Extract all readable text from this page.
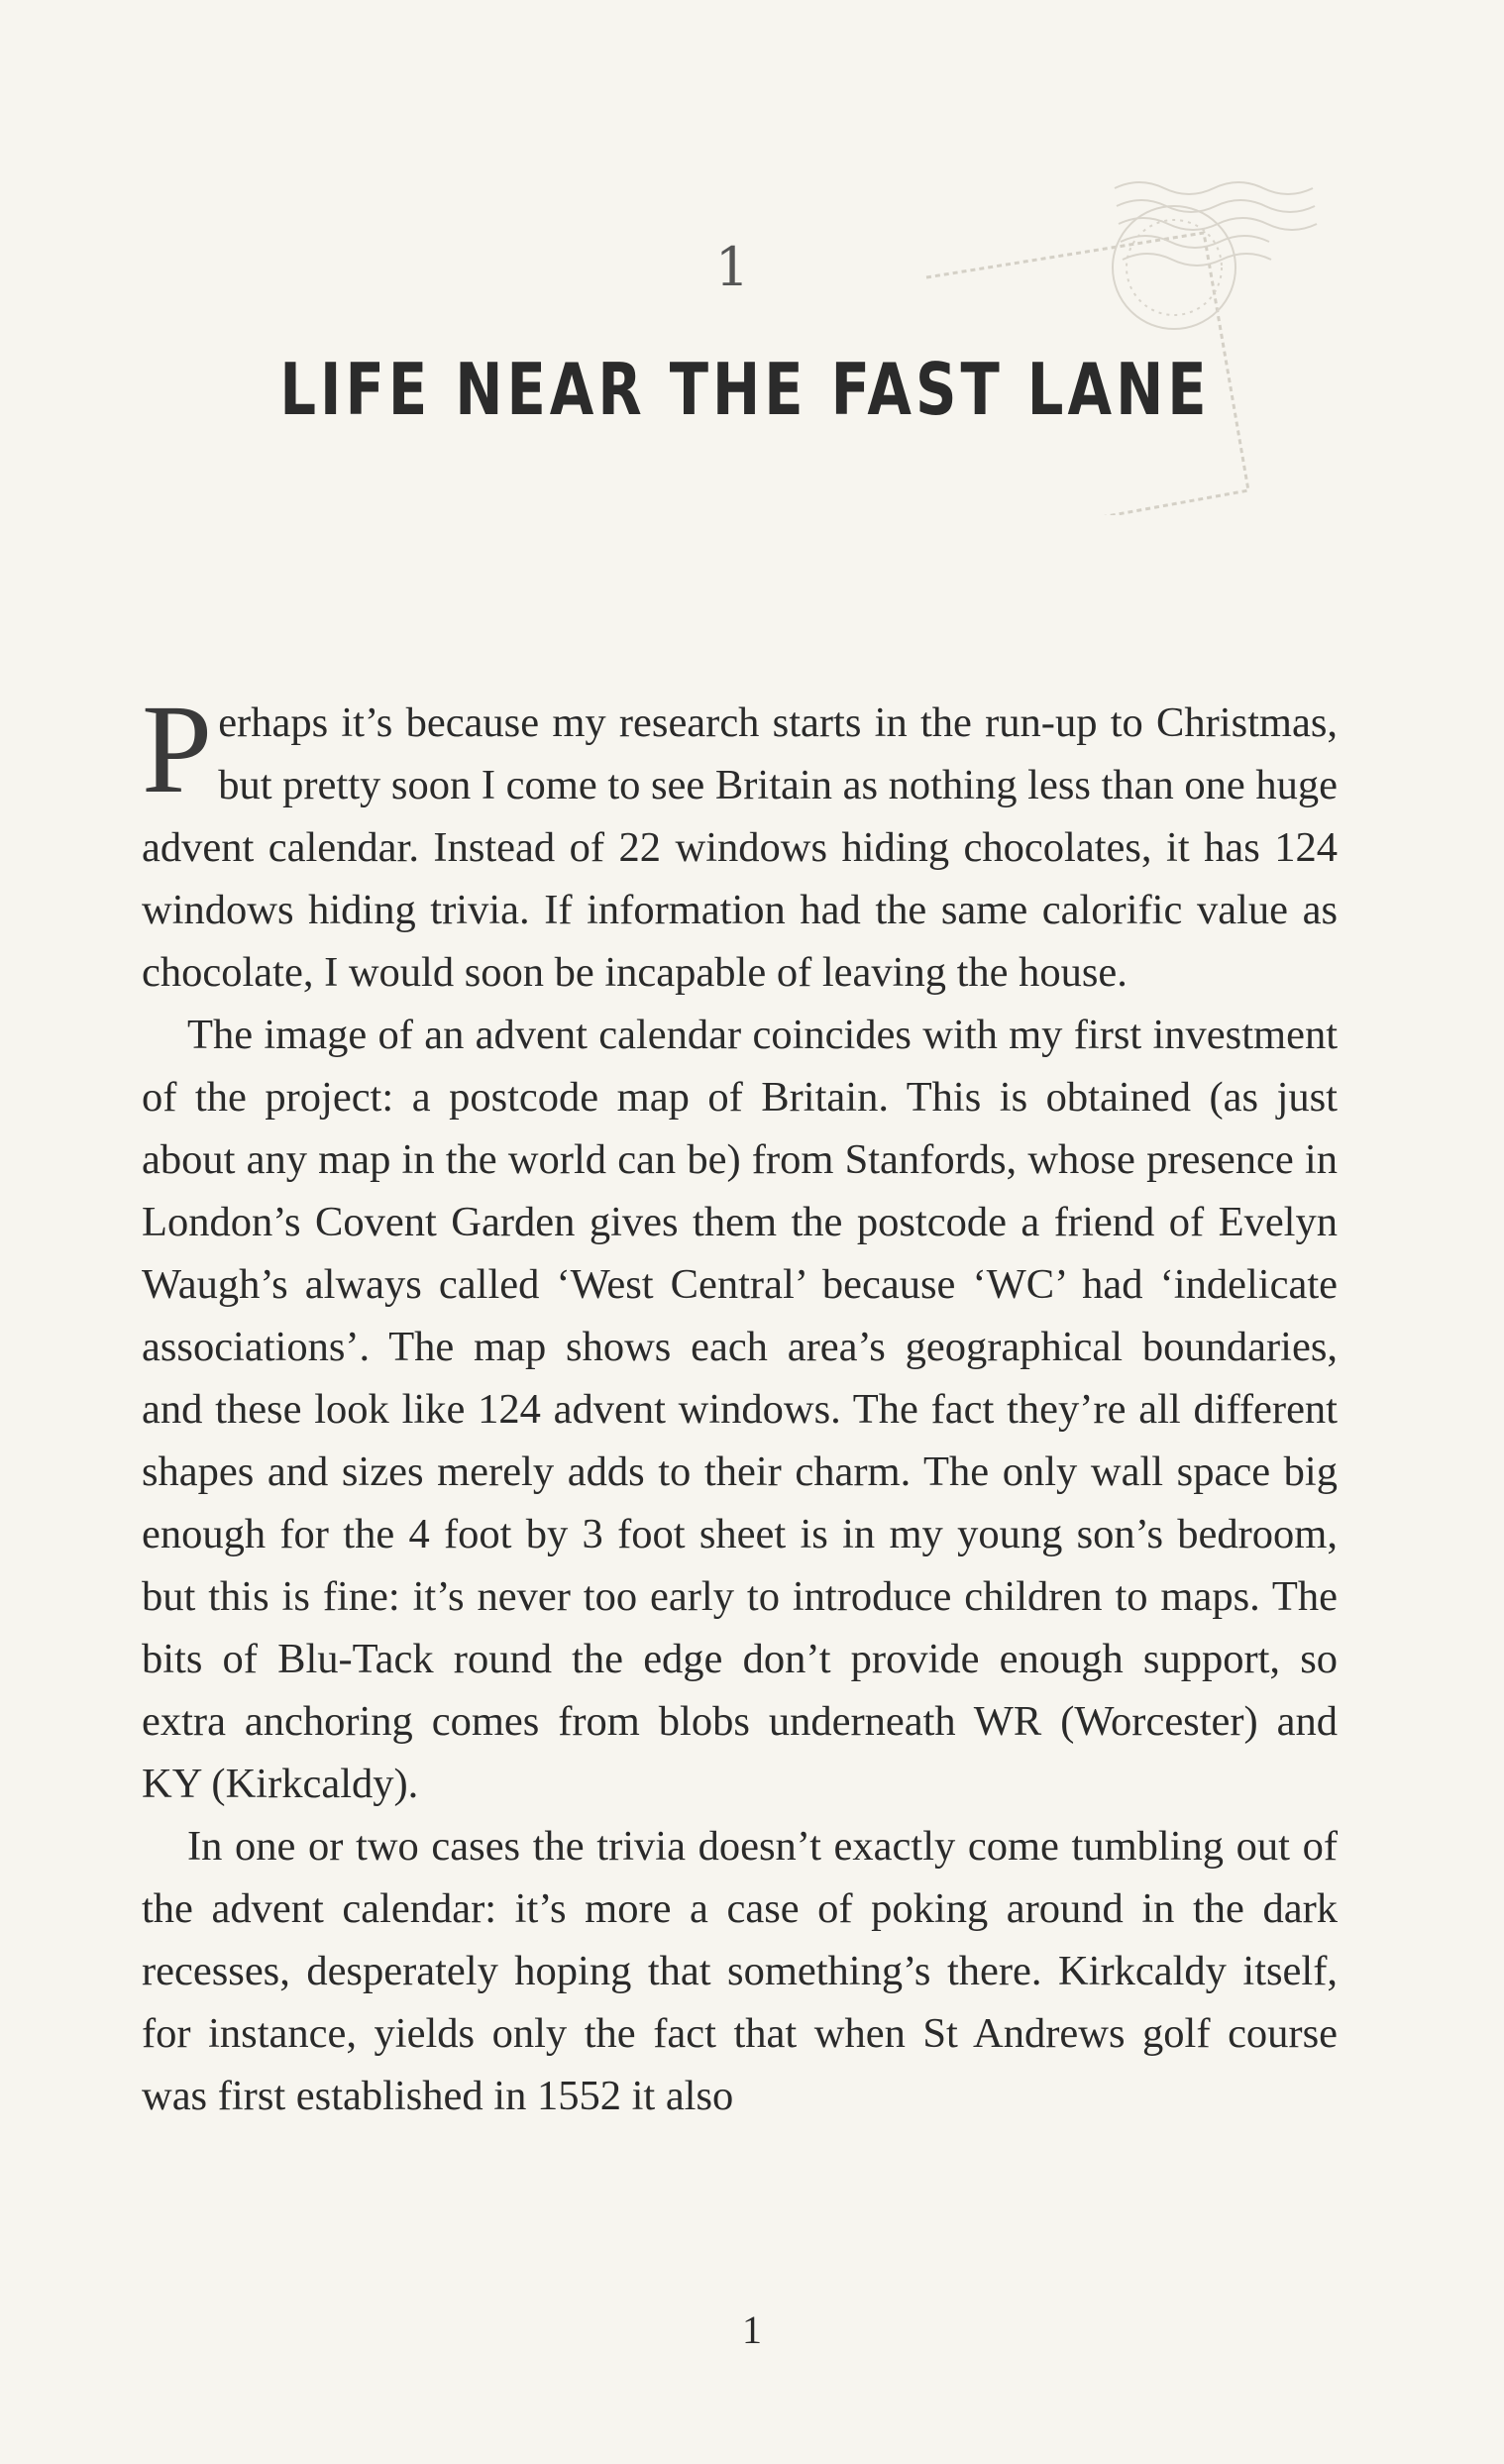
1
LIFE NEAR THE FAST LANE

Perhaps it’s because my research starts in the run-up to Christmas, but pretty soon I come to see Britain as nothing less than one huge advent calendar. Instead of 22 windows hiding chocolates, it has 124 windows hiding trivia. If information had the same calorific value as chocolate, I would soon be incapable of leaving the house.

The image of an advent calendar coincides with my first investment of the project: a postcode map of Britain. This is obtained (as just about any map in the world can be) from Stanfords, whose presence in London’s Covent Garden gives them the postcode a friend of Evelyn Waugh’s always called ‘West Central’ because ‘WC’ had ‘indelicate associations’. The map shows each area’s geographical boundaries, and these look like 124 advent windows. The fact they’re all different shapes and sizes merely adds to their charm. The only wall space big enough for the 4 foot by 3 foot sheet is in my young son’s bedroom, but this is fine: it’s never too early to introduce children to maps. The bits of Blu-Tack round the edge don’t provide enough support, so extra anchoring comes from blobs underneath WR (Worcester) and KY (Kirkcaldy).

In one or two cases the trivia doesn’t exactly come tumbling out of the advent calendar: it’s more a case of poking around in the dark recesses, desperately hoping that something’s there. Kirkcaldy itself, for instance, yields only the fact that when St Andrews golf course was first established in 1552 it also

1
